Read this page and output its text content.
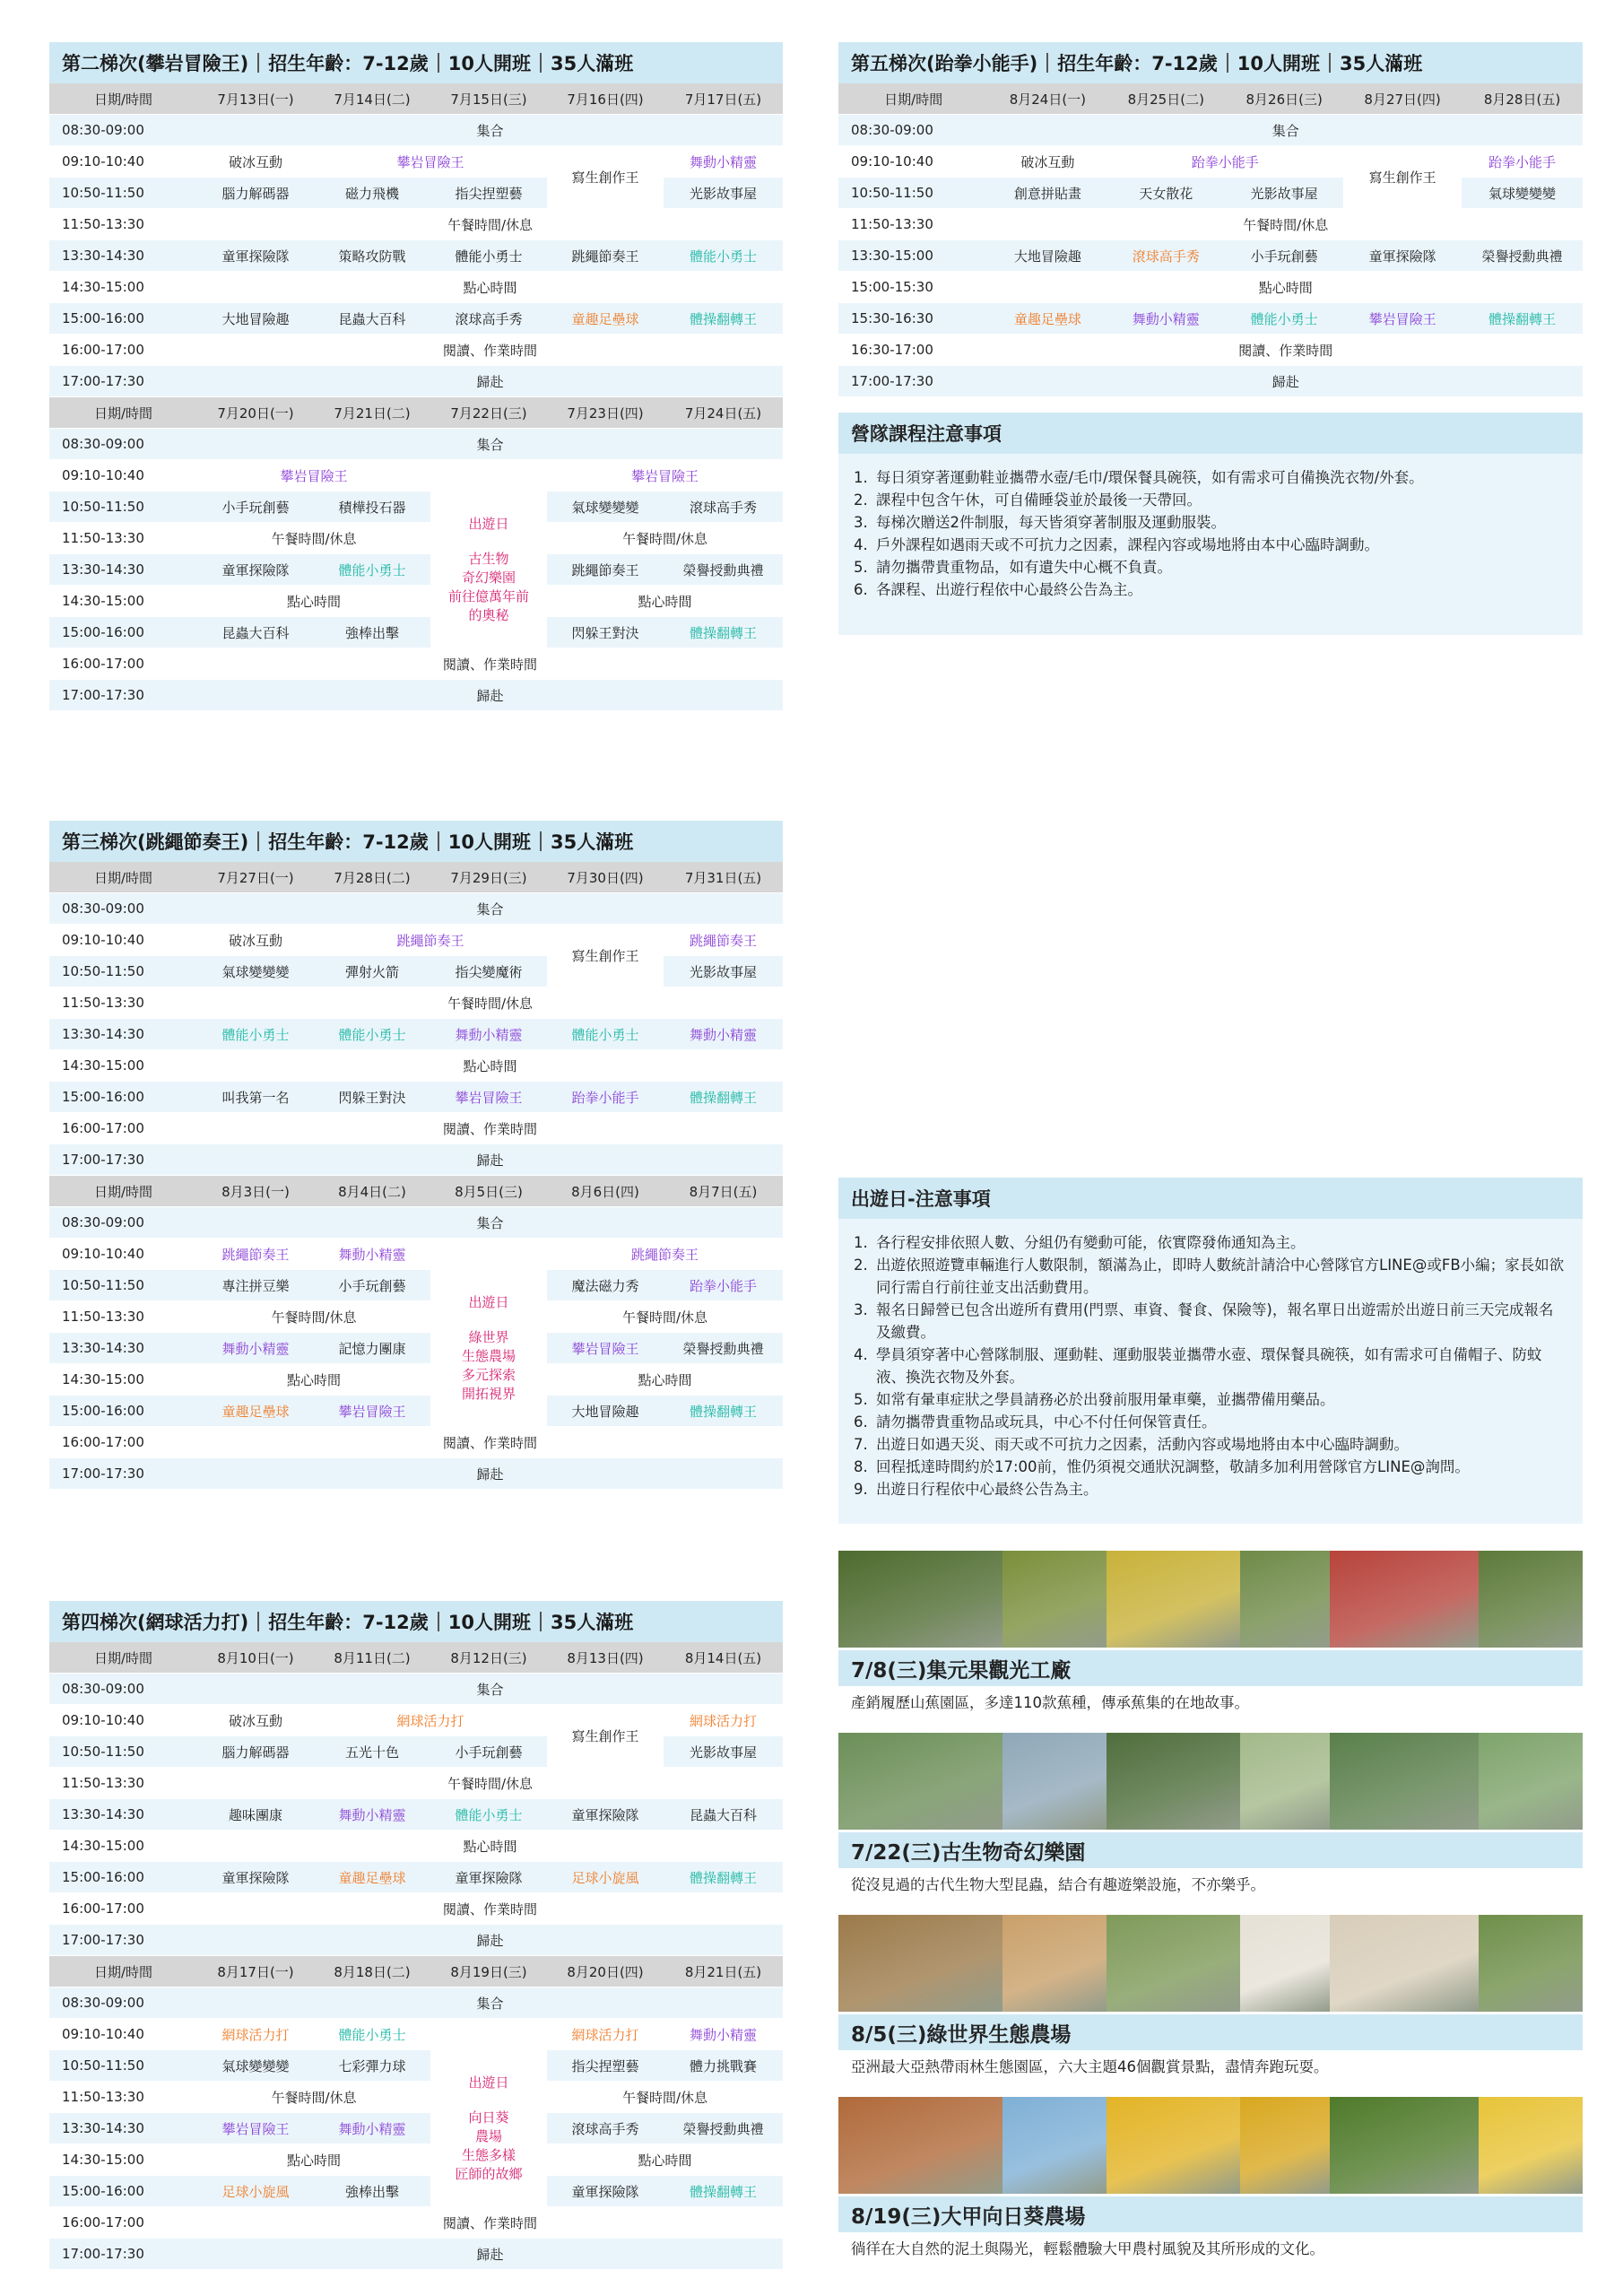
第二梯次(攀岩冒險王) 招生年齡：7-12歲 10人開班 35人滿班
日期/時間	7月13日(一)	7月14日(二)	7月15日(三)	7月16日(四)	7月17日(五)
08:30-09:00	集合				
09:10-10:40	破冰互動	攀岩冒險王		寫生創作王	舞動小精靈
10:50-11:50	腦力解碼器	磁力飛機	指尖捏塑藝		光影故事屋
11:50-13:30	午餐時間/休息				
13:30-14:30	童軍探險隊	策略攻防戰	體能小勇士	跳繩節奏王	體能小勇士
14:30-15:00	點心時間				
15:00-16:00	大地冒險趣	昆蟲大百科	滾球高手秀	童趣足壘球	體操翻轉王
16:00-17:00	閱讀、作業時間				
17:00-17:30	歸赴				
日期/時間	7月20日(一)	7月21日(二)	7月22日(三)	7月23日(四)	7月24日(五)
08:30-09:00	集合				
09:10-10:40	攀岩冒險王		出遊日
古生物
奇幻樂園
前往億萬年前
的奧秘	攀岩冒險王	
10:50-11:50	小手玩創藝	積樺投石器		氣球變變變	滾球高手秀
11:50-13:30	午餐時間/休息			午餐時間/休息	
13:30-14:30	童軍探險隊	體能小勇士		跳繩節奏王	榮譽授勳典禮
14:30-15:00	點心時間			點心時間	
15:00-16:00	昆蟲大百科	強棒出擊		閃躲王對決	體操翻轉王
16:00-17:00	閱讀、作業時間				
17:00-17:30	歸赴				
第三梯次(跳繩節奏王) 招生年齡：7-12歲 10人開班 35人滿班
日期/時間	7月27日(一)	7月28日(二)	7月29日(三)	7月30日(四)	7月31日(五)
08:30-09:00	集合				
09:10-10:40	破冰互動	跳繩節奏王		寫生創作王	跳繩節奏王
10:50-11:50	氣球變變變	彈射火箭	指尖變魔術		光影故事屋
11:50-13:30	午餐時間/休息				
13:30-14:30	體能小勇士	體能小勇士	舞動小精靈	體能小勇士	舞動小精靈
14:30-15:00	點心時間				
15:00-16:00	叫我第一名	閃躲王對決	攀岩冒險王	跆拳小能手	體操翻轉王
16:00-17:00	閱讀、作業時間				
17:00-17:30	歸赴				
日期/時間	8月3日(一)	8月4日(二)	8月5日(三)	8月6日(四)	8月7日(五)
08:30-09:00	集合				
09:10-10:40	跳繩節奏王	舞動小精靈	出遊日
綠世界
生態農場
多元探索
開拓視界	跳繩節奏王	
10:50-11:50	專注拼豆樂	小手玩創藝		魔法磁力秀	跆拳小能手
11:50-13:30	午餐時間/休息			午餐時間/休息	
13:30-14:30	舞動小精靈	記憶力團康		攀岩冒險王	榮譽授勳典禮
14:30-15:00	點心時間			點心時間	
15:00-16:00	童趣足壘球	攀岩冒險王		大地冒險趣	體操翻轉王
16:00-17:00	閱讀、作業時間				
17:00-17:30	歸赴				
第四梯次(網球活力打) 招生年齡：7-12歲 10人開班 35人滿班
日期/時間	8月10日(一)	8月11日(二)	8月12日(三)	8月13日(四)	8月14日(五)
08:30-09:00	集合				
09:10-10:40	破冰互動	網球活力打		寫生創作王	網球活力打
10:50-11:50	腦力解碼器	五光十色	小手玩創藝		光影故事屋
11:50-13:30	午餐時間/休息				
13:30-14:30	趣味團康	舞動小精靈	體能小勇士	童軍探險隊	昆蟲大百科
14:30-15:00	點心時間				
15:00-16:00	童軍探險隊	童趣足壘球	童軍探險隊	足球小旋風	體操翻轉王
16:00-17:00	閱讀、作業時間				
17:00-17:30	歸赴				
日期/時間	8月17日(一)	8月18日(二)	8月19日(三)	8月20日(四)	8月21日(五)
08:30-09:00	集合				
09:10-10:40	網球活力打	體能小勇士	出遊日
向日葵
農場
生態多樣
匠師的故鄉	網球活力打	舞動小精靈
10:50-11:50	氣球變變變	七彩彈力球		指尖捏塑藝	體力挑戰賽
11:50-13:30	午餐時間/休息			午餐時間/休息	
13:30-14:30	攀岩冒險王	舞動小精靈		滾球高手秀	榮譽授勳典禮
14:30-15:00	點心時間			點心時間	
15:00-16:00	足球小旋風	強棒出擊		童軍探險隊	體操翻轉王
16:00-17:00	閱讀、作業時間				
17:00-17:30	歸赴				
第五梯次(跆拳小能手) 招生年齡：7-12歲 10人開班 35人滿班
日期/時間	8月24日(一)	8月25日(二)	8月26日(三)	8月27日(四)	8月28日(五)
08:30-09:00	集合				
09:10-10:40	破冰互動	跆拳小能手		寫生創作王	跆拳小能手
10:50-11:50	創意拼貼畫	天女散花	光影故事屋		氣球變變變
11:50-13:30	午餐時間/休息				
13:30-15:00	大地冒險趣	滾球高手秀	小手玩創藝	童軍探險隊	榮譽授勳典禮
15:00-15:30	點心時間				
15:30-16:30	童趣足壘球	舞動小精靈	體能小勇士	攀岩冒險王	體操翻轉王
16:30-17:00	閱讀、作業時間				
17:00-17:30	歸赴				
營隊課程注意事項
1. 每日須穿著運動鞋並攜帶水壺/毛巾/環保餐具碗筷，如有需求可自備換洗衣物/外套。
2. 課程中包含午休，可自備睡袋並於最後一天帶回。
3. 每梯次贈送2件制服，每天皆須穿著制服及運動服裝。
4. 戶外課程如遇雨天或不可抗力之因素，課程內容或場地將由本中心臨時調動。
5. 請勿攜帶貴重物品，如有遺失中心概不負責。
6. 各課程、出遊行程依中心最終公告為主。
出遊日-注意事項
1. 各行程安排依照人數、分組仍有變動可能，依實際發佈通知為主。
2. 出遊依照遊覽車輛進行人數限制，額滿為止，即時人數統計請洽中心營隊官方LINE@或FB小編；家長如欲同行需自行前往並支出活動費用。
3. 報名日歸營已包含出遊所有費用(門票、車資、餐食、保險等)，報名單日出遊需於出遊日前三天完成報名及繳費。
4. 學員須穿著中心營隊制服、運動鞋、運動服裝並攜帶水壺、環保餐具碗筷，如有需求可自備帽子、防蚊液、換洗衣物及外套。
5. 如常有暈車症狀之學員請務必於出發前服用暈車藥，並攜帶備用藥品。
6. 請勿攜帶貴重物品或玩具，中心不付任何保管責任。
7. 出遊日如遇天災、雨天或不可抗力之因素，活動內容或場地將由本中心臨時調動。
8. 回程抵達時間約於17:00前，惟仍須視交通狀況調整，敬請多加利用營隊官方LINE@詢問。
9. 出遊日行程依中心最終公告為主。
7/8(三)集元果觀光工廠
產銷履歷山蕉園區，多達110款蕉種，傳承蕉集的在地故事。
7/22(三)古生物奇幻樂園
從沒見過的古代生物大型昆蟲，結合有趣遊樂設施，不亦樂乎。
8/5(三)綠世界生態農場
亞洲最大亞熱帶雨林生態園區，六大主題46個觀賞景點，盡情奔跑玩耍。
8/19(三)大甲向日葵農場
徜徉在大自然的泥土與陽光，輕鬆體驗大甲農村風貌及其所形成的文化。
